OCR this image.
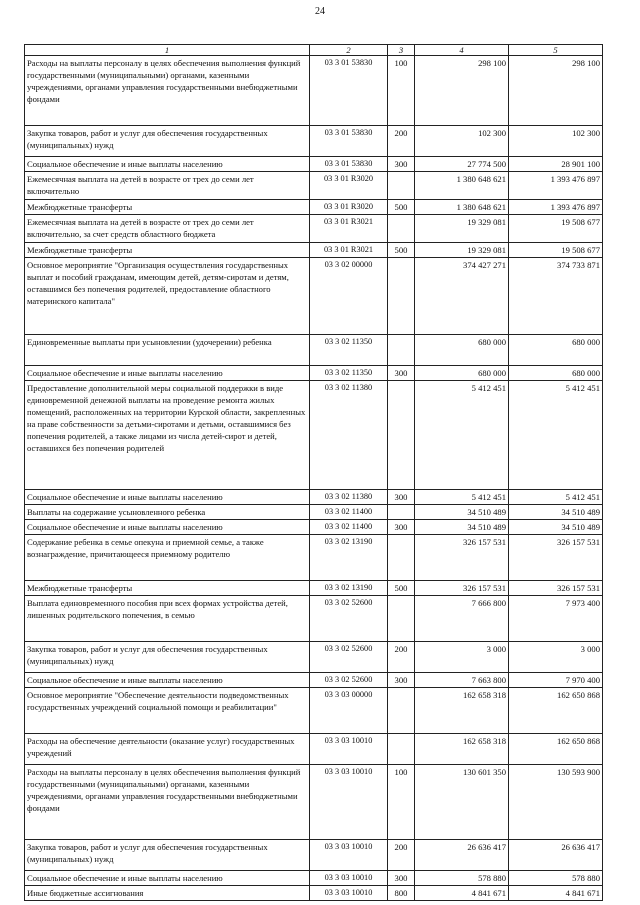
24
1	2	3	4	5
Расходы на выплаты персоналу в целях обеспечения выполнения функций государственными (муниципальными) органами, казенными учреждениями, органами управления государственными внебюджетными фондами	03 3 01 53830	100	298 100	298 100
Закупка товаров, работ и услуг для обеспечения государственных (муниципальных) нужд	03 3 01 53830	200	102 300	102 300
Социальное обеспечение и иные выплаты населению	03 3 01 53830	300	27 774 500	28 901 100
Ежемесячная выплата на детей в возрасте от трех до семи лет включительно	03 3 01 R3020		1 380 648 621	1 393 476 897
Межбюджетные трансферты	03 3 01 R3020	500	1 380 648 621	1 393 476 897
Ежемесячная выплата на детей в возрасте от трех до семи лет включительно, за счет средств областного бюджета	03 3 01 R3021		19 329 081	19 508 677
Межбюджетные трансферты	03 3 01 R3021	500	19 329 081	19 508 677
Основное мероприятие "Организация осуществления государственных выплат и пособий гражданам, имеющим детей, детям-сиротам и детям, оставшимся без попечения родителей, предоставление областного материнского капитала"	03 3 02 00000		374 427 271	374 733 871
Единовременные выплаты при усыновлении (удочерении) ребенка	03 3 02 11350		680 000	680 000
Социальное обеспечение и иные выплаты населению	03 3 02 11350	300	680 000	680 000
Предоставление дополнительной меры социальной поддержки в виде единовременной денежной выплаты на проведение ремонта жилых помещений, расположенных на территории Курской области, закрепленных на праве собственности за детьми-сиротами и детьми, оставшимися без попечения родителей, а также лицами из числа детей-сирот и детей, оставшихся без попечения родителей	03 3 02 11380		5 412 451	5 412 451
Социальное обеспечение и иные выплаты населению	03 3 02 11380	300	5 412 451	5 412 451
Выплаты на содержание усыновленного ребенка	03 3 02 11400		34 510 489	34 510 489
Социальное обеспечение и иные выплаты населению	03 3 02 11400	300	34 510 489	34 510 489
Содержание ребенка в семье опекуна и приемной семье, а также вознаграждение, причитающееся приемному родителю	03 3 02 13190		326 157 531	326 157 531
Межбюджетные трансферты	03 3 02 13190	500	326 157 531	326 157 531
Выплата единовременного пособия при всех формах устройства детей, лишенных родительского попечения, в семью	03 3 02 52600		7 666 800	7 973 400
Закупка товаров, работ и услуг для обеспечения государственных (муниципальных) нужд	03 3 02 52600	200	3 000	3 000
Социальное обеспечение и иные выплаты населению	03 3 02 52600	300	7 663 800	7 970 400
Основное мероприятие "Обеспечение деятельности подведомственных государственных учреждений социальной помощи и реабилитации"	03 3 03 00000		162 658 318	162 650 868
Расходы на обеспечение деятельности (оказание услуг) государственных учреждений	03 3 03 10010		162 658 318	162 650 868
Расходы на выплаты персоналу в целях обеспечения выполнения функций государственными (муниципальными) органами, казенными учреждениями, органами управления государственными внебюджетными фондами	03 3 03 10010	100	130 601 350	130 593 900
Закупка товаров, работ и услуг для обеспечения государственных (муниципальных) нужд	03 3 03 10010	200	26 636 417	26 636 417
Социальное обеспечение и иные выплаты населению	03 3 03 10010	300	578 880	578 880
Иные бюджетные ассигнования	03 3 03 10010	800	4 841 671	4 841 671
